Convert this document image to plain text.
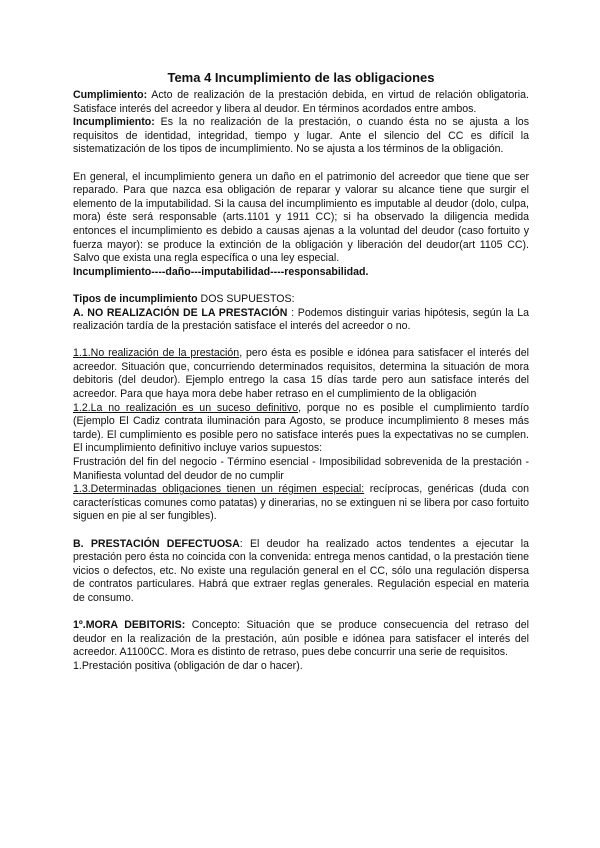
Tema 4 Incumplimiento de las obligaciones

Cumplimiento: Acto de realización de la prestación debida, en virtud de relación obligatoria. Satisface interés del acreedor y libera al deudor. En términos acordados entre ambos.

Incumplimiento: Es la no realización de la prestación, o cuando ésta no se ajusta a los requisitos de identidad, integridad, tiempo y lugar. Ante el silencio del CC es difícil la sistematización de los tipos de incumplimiento. No se ajusta a los términos de la obligación.

En general, el incumplimiento genera un daño en el patrimonio del acreedor que tiene que ser reparado. Para que nazca esa obligación de reparar y valorar su alcance tiene que surgir el elemento de la imputabilidad. Si la causa del incumplimiento es imputable al deudor (dolo, culpa, mora) éste será responsable (arts.1101 y 1911 CC); si ha observado la diligencia medida entonces el incumplimiento es debido a causas ajenas a la voluntad del deudor (caso fortuito y fuerza mayor): se produce la extinción de la obligación y liberación del deudor(art 1105 CC). Salvo que exista una regla específica o una ley especial.

Incumplimiento----daño---imputabilidad----responsabilidad.

Tipos de incumplimiento DOS SUPUESTOS:

A. NO REALIZACIÓN DE LA PRESTACIÓN : Podemos distinguir varias hipótesis, según la La realización tardía de la prestación satisface el interés del acreedor o no.

1.1.No realización de la prestación, pero ésta es posible e idónea para satisfacer el interés del acreedor. Situación que, concurriendo determinados requisitos, determina la situación de mora debitoris (del deudor). Ejemplo entrego la casa 15 días tarde pero aun satisface interés del acreedor. Para que haya mora debe haber retraso en el cumplimiento de la obligación

1.2.La no realización es un suceso definitivo, porque no es posible el cumplimiento tardío (Ejemplo El Cadiz contrata iluminación para Agosto, se produce incumplimiento 8 meses más tarde). El cumplimiento es posible pero no satisface interés pues la expectativas no se cumplen. El incumplimiento definitivo incluye varios supuestos:

Frustración del fin del negocio - Término esencial - Imposibilidad sobrevenida de la prestación - Manifiesta voluntad del deudor de no cumplir

1.3.Determinadas obligaciones tienen un régimen especial: recíprocas, genéricas (duda con características comunes como patatas) y dinerarias, no se extinguen ni se libera por caso fortuito siguen en pie al ser fungibles).

B. PRESTACIÓN DEFECTUOSA: El deudor ha realizado actos tendentes a ejecutar la prestación pero ésta no coincida con la convenida: entrega menos cantidad, o la prestación tiene vicios o defectos, etc. No existe una regulación general en el CC, sólo una regulación dispersa de contratos particulares. Habrá que extraer reglas generales. Regulación especial en materia de consumo.

1º.MORA DEBITORIS: Concepto: Situación que se produce consecuencia del retraso del deudor en la realización de la prestación, aún posible e idónea para satisfacer el interés del acreedor. A1100CC. Mora es distinto de retraso, pues debe concurrir una serie de requisitos.

1.Prestación positiva (obligación de dar o hacer).
